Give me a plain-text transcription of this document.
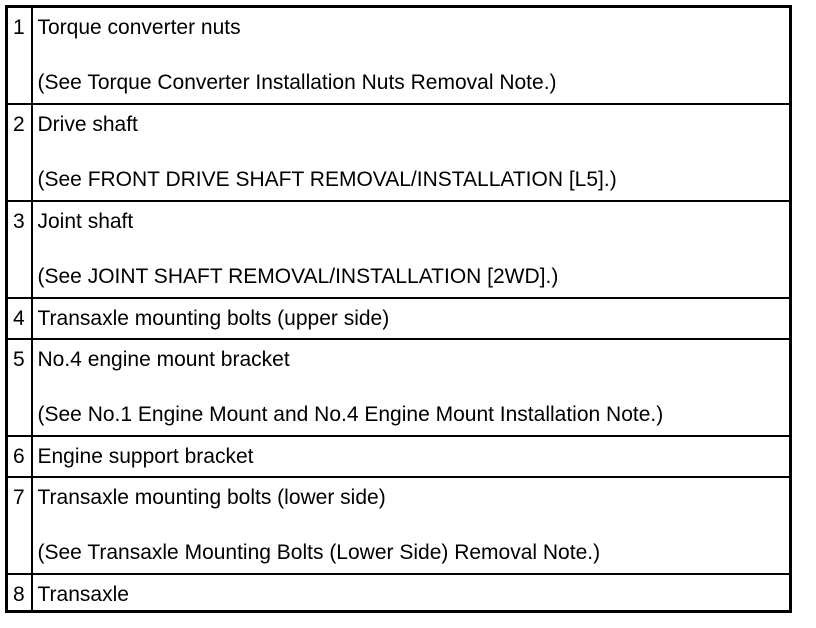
1	Torque converter nuts
(See Torque Converter Installation Nuts Removal Note.)

2	Drive shaft
(See FRONT DRIVE SHAFT REMOVAL/INSTALLATION [L5].)

3	Joint shaft
(See JOINT SHAFT REMOVAL/INSTALLATION [2WD].)

4	Transaxle mounting bolts (upper side)

5	No.4 engine mount bracket
(See No.1 Engine Mount and No.4 Engine Mount Installation Note.)

6	Engine support bracket

7	Transaxle mounting bolts (lower side)
(See Transaxle Mounting Bolts (Lower Side) Removal Note.)

8	Transaxle
